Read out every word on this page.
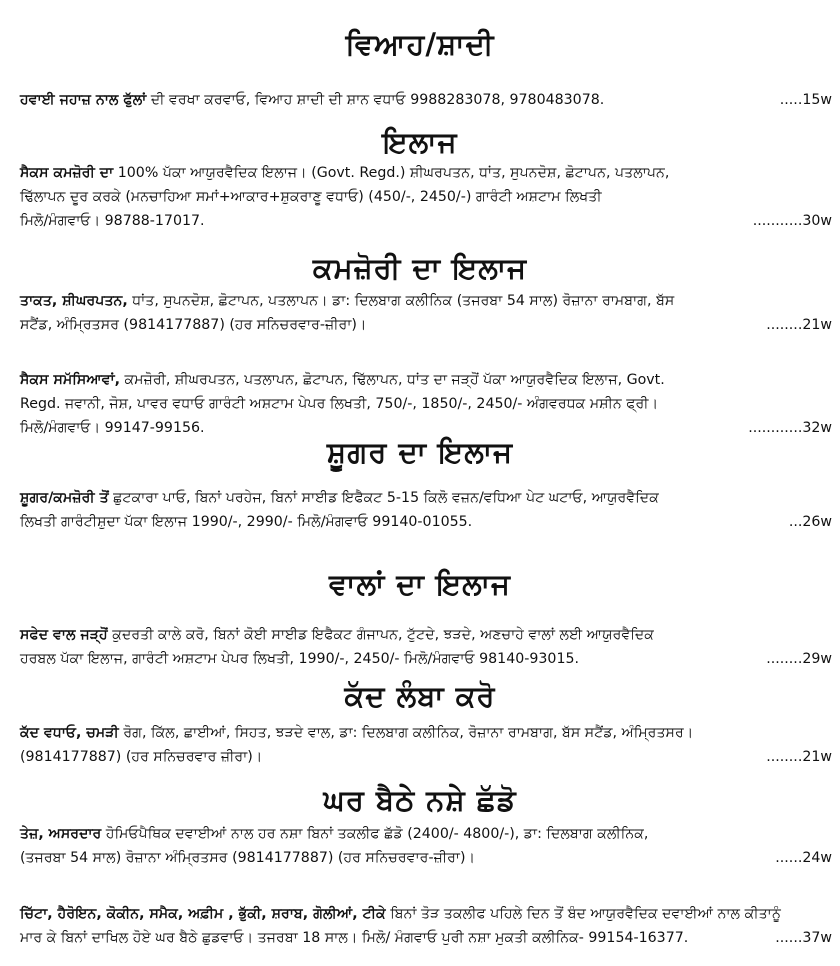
ਵਿਆਹ/ਸ਼ਾਦੀ

ਹਵਾਈ ਜਹਾਜ਼ ਨਾਲ ਫੁੱਲਾਂ ਦੀ ਵਰਖਾ ਕਰਵਾਓ, ਵਿਆਹ ਸ਼ਾਦੀ ਦੀ ਸ਼ਾਨ ਵਧਾਓ 9988283078, 9780483078.	.....15w

ਇਲਾਜ

ਸੈਕਸ ਕਮਜ਼ੋਰੀ ਦਾ 100% ਪੱਕਾ ਆਯੁਰਵੈਦਿਕ ਇਲਾਜ। (Govt. Regd.) ਸ਼ੀਘਰਪਤਨ, ਧਾਂਤ, ਸੁਪਨਦੋਸ਼, ਛੋਟਾਪਨ, ਪਤਲਾਪਨ,

ਢਿੱਲਾਪਨ ਦੂਰ ਕਰਕੇ (ਮਨਚਾਹਿਆ ਸਮਾਂ+ਆਕਾਰ+ਸ਼ੁਕਰਾਣੂ ਵਧਾਓ) (450/-, 2450/-) ਗਾਰੰਟੀ ਅਸ਼ਟਾਮ ਲਿਖਤੀ

ਮਿਲੋ/ਮੰਗਵਾਓ। 98788-17017.	...........30w

ਕਮਜ਼ੋਰੀ ਦਾ ਇਲਾਜ

ਤਾਕਤ, ਸ਼ੀਘਰਪਤਨ, ਧਾਂਤ, ਸੁਪਨਦੋਸ਼, ਛੋਟਾਪਨ, ਪਤਲਾਪਨ। ਡਾ: ਦਿਲਬਾਗ ਕਲੀਨਿਕ (ਤਜਰਬਾ 54 ਸਾਲ) ਰੋਜ਼ਾਨਾ ਰਾਮਬਾਗ, ਬੱਸ

ਸਟੈਂਡ, ਅੰਮ੍ਰਿਤਸਰ (9814177887) (ਹਰ ਸਨਿਚਰਵਾਰ-ਜ਼ੀਰਾ)।	........21w

ਸੈਕਸ ਸਮੱਸਿਆਵਾਂ, ਕਮਜ਼ੋਰੀ, ਸ਼ੀਘਰਪਤਨ, ਪਤਲਾਪਨ, ਛੋਟਾਪਨ, ਢਿੱਲਾਪਨ, ਧਾਂਤ ਦਾ ਜੜ੍ਹੋਂ ਪੱਕਾ ਆਯੁਰਵੈਦਿਕ ਇਲਾਜ, Govt.

Regd. ਜਵਾਨੀ, ਜੋਸ਼, ਪਾਵਰ ਵਧਾਓ ਗਾਰੰਟੀ ਅਸ਼ਟਾਮ ਪੇਪਰ ਲਿਖਤੀ, 750/-, 1850/-, 2450/- ਅੰਗਵਰਧਕ ਮਸ਼ੀਨ ਫ੍ਰੀ।

ਮਿਲੋ/ਮੰਗਵਾਓ। 99147-99156.	............32w

ਸ਼ੂਗਰ ਦਾ ਇਲਾਜ

ਸ਼ੂਗਰ/ਕਮਜ਼ੋਰੀ ਤੋਂ ਛੁਟਕਾਰਾ ਪਾਓ, ਬਿਨਾਂ ਪਰਹੇਜ, ਬਿਨਾਂ ਸਾਈਡ ਇਫੈਕਟ 5-15 ਕਿਲੋ ਵਜ਼ਨ/ਵਧਿਆ ਪੇਟ ਘਟਾਓ, ਆਯੁਰਵੈਦਿਕ

ਲਿਖਤੀ ਗਾਰੰਟੀਸ਼ੁਦਾ ਪੱਕਾ ਇਲਾਜ 1990/-, 2990/- ਮਿਲੋ/ਮੰਗਵਾਓ 99140-01055.	...26w

ਵਾਲਾਂ ਦਾ ਇਲਾਜ

ਸਫੇਦ ਵਾਲ ਜੜ੍ਹੋਂ ਕੁਦਰਤੀ ਕਾਲੇ ਕਰੋ, ਬਿਨਾਂ ਕੋਈ ਸਾਈਡ ਇਫੈਕਟ ਗੰਜਾਪਨ, ਟੁੱਟਦੇ, ਝੜਦੇ, ਅਣਚਾਹੇ ਵਾਲਾਂ ਲਈ ਆਯੁਰਵੈਦਿਕ

ਹਰਬਲ ਪੱਕਾ ਇਲਾਜ, ਗਾਰੰਟੀ ਅਸ਼ਟਾਮ ਪੇਪਰ ਲਿਖਤੀ, 1990/-, 2450/- ਮਿਲੋ/ਮੰਗਵਾਓ 98140-93015.	........29w

ਕੱਦ ਲੰਬਾ ਕਰੋ

ਕੱਦ ਵਧਾਓ, ਚਮੜੀ ਰੋਗ, ਕਿੱਲ, ਛਾਈਆਂ, ਸਿਹਤ, ਝੜਦੇ ਵਾਲ, ਡਾ: ਦਿਲਬਾਗ ਕਲੀਨਿਕ, ਰੋਜ਼ਾਨਾ ਰਾਮਬਾਗ, ਬੱਸ ਸਟੈਂਡ, ਅੰਮ੍ਰਿਤਸਰ।

(9814177887) (ਹਰ ਸਨਿਚਰਵਾਰ ਜ਼ੀਰਾ)।	........21w

ਘਰ ਬੈਠੇ ਨਸ਼ੇ ਛੱਡੋ

ਤੇਜ਼, ਅਸਰਦਾਰ ਹੋਮਿਓਪੈਥਿਕ ਦਵਾਈਆਂ ਨਾਲ ਹਰ ਨਸ਼ਾ ਬਿਨਾਂ ਤਕਲੀਫ ਛੱਡੋ (2400/- 4800/-), ਡਾ: ਦਿਲਬਾਗ ਕਲੀਨਿਕ,

(ਤਜਰਬਾ 54 ਸਾਲ) ਰੋਜ਼ਾਨਾ ਅੰਮ੍ਰਿਤਸਰ (9814177887) (ਹਰ ਸਨਿਚਰਵਾਰ-ਜ਼ੀਰਾ)।	......24w

ਚਿੱਟਾ, ਹੈਰੋਇਨ, ਕੋਕੀਨ, ਸਮੈਕ, ਅਫ਼ੀਮ , ਭੁੱਕੀ, ਸ਼ਰਾਬ, ਗੋਲੀਆਂ, ਟੀਕੇ ਬਿਨਾਂ ਤੋੜ ਤਕਲੀਫ ਪਹਿਲੇ ਦਿਨ ਤੋਂ ਬੰਦ ਆਯੁਰਵੈਦਿਕ ਦਵਾਈਆਂ ਨਾਲ ਕੀਤਾਨੂੰ

ਮਾਰ ਕੇ ਬਿਨਾਂ ਦਾਖਿਲ ਹੋਏ ਘਰ ਬੈਠੇ ਛੁਡਵਾਓ। ਤਜਰਬਾ 18 ਸਾਲ। ਮਿਲੋ/ ਮੰਗਵਾਓ ਪੁਰੀ ਨਸ਼ਾ ਮੁਕਤੀ ਕਲੀਨਿਕ- 99154-16377.	......37w
